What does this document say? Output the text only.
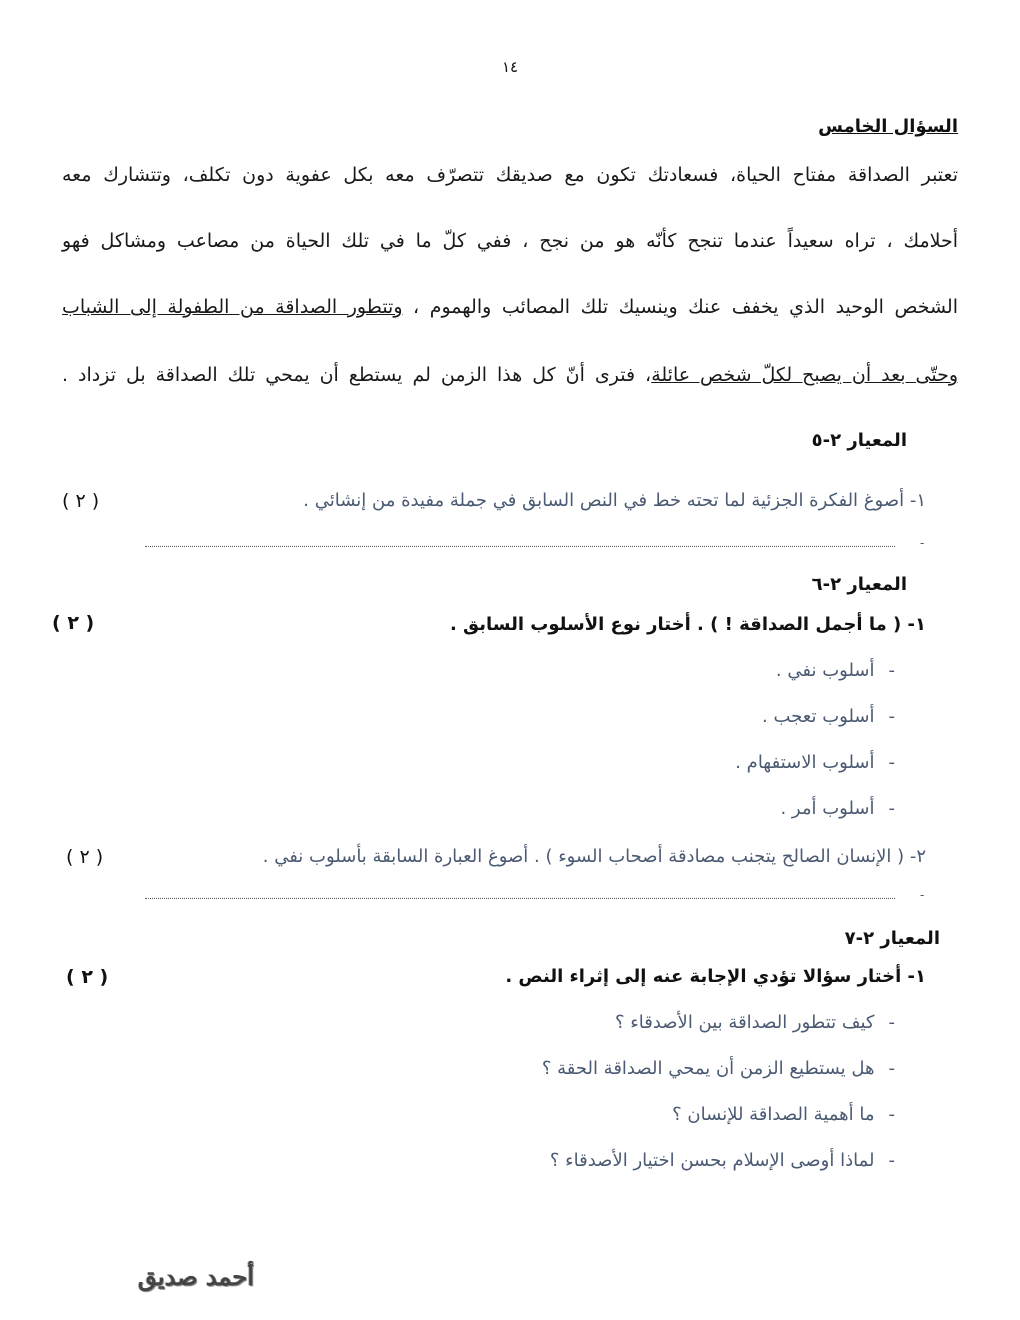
١٤
السؤال الخامس
تعتبر الصداقة مفتاح الحياة، فسعادتك تكون مع صديقك تتصرّف معه بكل عفوية دون تكلف، وتتشارك معه
أحلامك ، تراه سعيداً عندما تنجح كأنّه هو من نجح ، ففي كلّ ما في تلك الحياة من مصاعب ومشاكل فهو
الشخص الوحيد الذي يخفف عنك وينسيك تلك المصائب والهموم ، وتتطور الصداقة من الطفولة إلى الشباب
وحتّى بعد أن يصبح لكلّ شخص عائلة، فترى أنّ كل هذا الزمن لم يستطع أن يمحي تلك الصداقة بل تزداد .
المعيار ٢-٥
١- أصوغ الفكرة الجزئية لما تحته خط في النص السابق في جملة مفيدة من إنشائي .
( ٢ )
-
المعيار ٢-٦
١- ( ما أجمل الصداقة ! ) . أختار نوع الأسلوب السابق .
( ٢ )
-أسلوب نفي .
-أسلوب تعجب .
-أسلوب الاستفهام .
-أسلوب أمر .
٢- ( الإنسان الصالح يتجنب مصادقة أصحاب السوء ) . أصوغ العبارة السابقة بأسلوب نفي .
( ٢ )
-
المعيار ٢-٧
١- أختار سؤالا تؤدي الإجابة عنه إلى إثراء النص .
( ٢ )
-كيف تتطور الصداقة بين الأصدقاء ؟
-هل يستطيع الزمن أن يمحي الصداقة الحقة ؟
-ما أهمية الصداقة للإنسان ؟
-لماذا أوصى الإسلام بحسن اختيار الأصدقاء ؟
أحمد صديق
